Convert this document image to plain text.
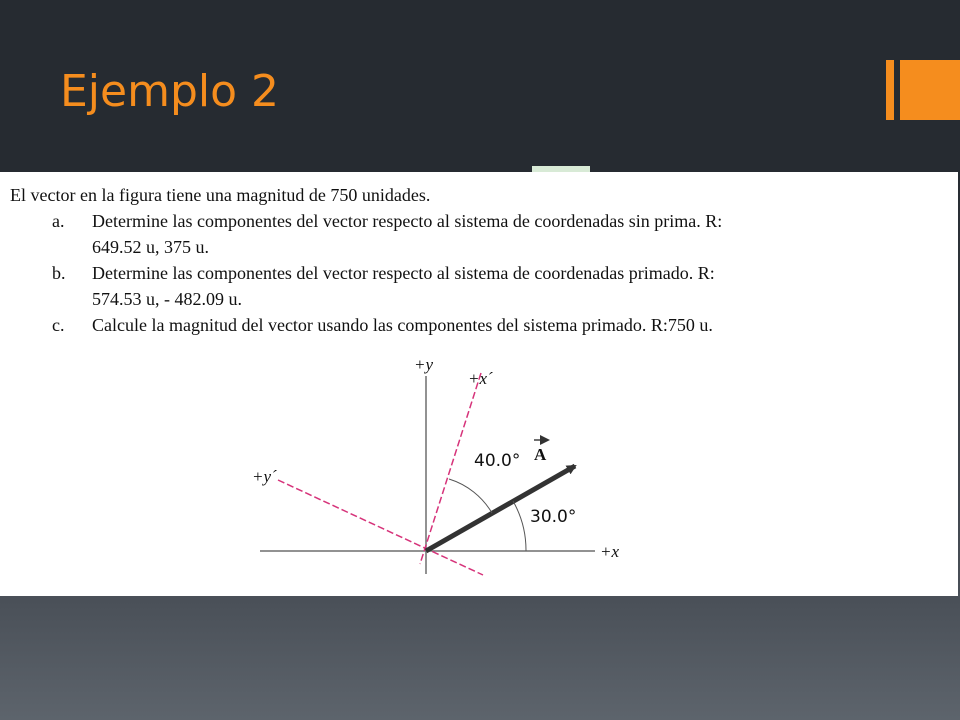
Ejemplo 2
El vector en la figura tiene una magnitud de 750 unidades.
a. Determine las componentes del vector respecto al sistema de coordenadas sin prima. R:
649.52 u, 375 u.
b. Determine las componentes del vector respecto al sistema de coordenadas primado. R:
574.53 u, - 482.09 u.
c. Calcule la magnitud del vector usando las componentes del sistema primado. R:750 u.
+y
+x
+x´
+y´
A
40.0°
30.0°
